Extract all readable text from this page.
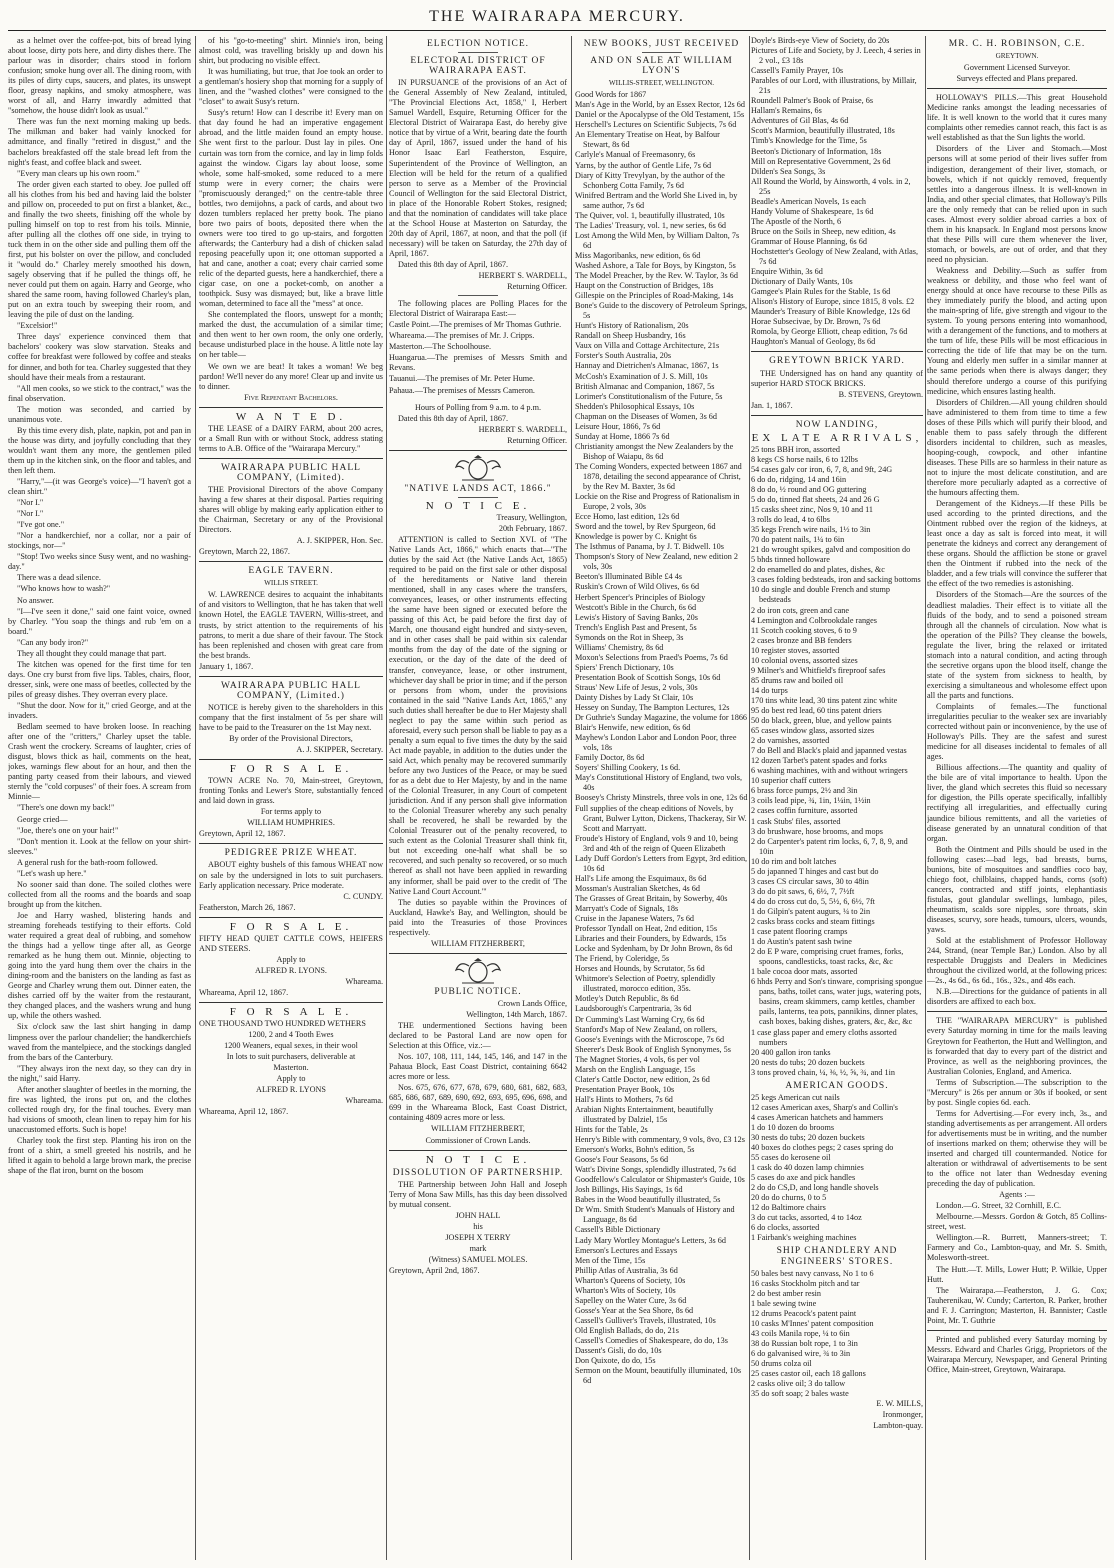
THE WAIRARAPA MERCURY.

as a helmet over the coffee-pot, bits of bread lying about loose, dirty pots here, and dirty dishes there. The parlour was in disorder; chairs stood in forlorn confusion; smoke hung over all. The dining room, with its piles of dirty cups, saucers, and plates, its unswept floor, greasy napkins, and smoky atmosphere, was worst of all, and Harry inwardly admitted that "somehow, the house didn't look as usual."

There was fun the next morning making up beds. The milkman and baker had vainly knocked for admittance, and finally "retired in disgust," and the bachelors breakfasted off the stale bread left from the night's feast, and coffee black and sweet.

"Every man clears up his own room."

The order given each started to obey. Joe pulled off all his clothes from his bed and having laid the bolster and pillow on, proceeded to put on first a blanket, &c., and finally the two sheets, finishing off the whole by pulling himself on top to rest from his toils. Minnie, after pulling all the clothes off one side, in trying to tuck them in on the other side and pulling them off the first, put his bolster on over the pillow, and concluded it "would do." Charley merely smoothed his down, sagely observing that if he pulled the things off, he never could put them on again. Harry and George, who shared the same room, having followed Charley's plan, put on an extra touch by sweeping their room, and leaving the pile of dust on the landing.

"Excelsior!"

Three days' experience convinced them that bachelors' cookery was slow starvation. Steaks and coffee for breakfast were followed by coffee and steaks for dinner, and both for tea. Charley suggested that they should have their meals from a restaurant.

"All men cooks, so we stick to the contract," was the final observation.

The motion was seconded, and carried by unanimous vote.

By this time every dish, plate, napkin, pot and pan in the house was dirty, and joyfully concluding that they wouldn't want them any more, the gentlemen piled them up in the kitchen sink, on the floor and tables, and then left them.

"Harry,"—(it was George's voice)—"I haven't got a clean shirt."

"Nor I."

"Nor I."

"I've got one."

"Nor a handkerchief, nor a collar, nor a pair of stockings, nor—"

"Stop! Two weeks since Susy went, and no washing-day."

There was a dead silence.

"Who knows how to wash?"

No answer.

"I—I've seen it done," said one faint voice, owned by Charley. "You soap the things and rub 'em on a board."

"Can any body iron?"

They all thought they could manage that part.

The kitchen was opened for the first time for ten days. One cry burst from five lips. Tables, chairs, floor, dresser, sink, were one mass of beetles, collected by the piles of greasy dishes. They overran every place.

"Shut the door. Now for it," cried George, and at the invaders.

Bedlam seemed to have broken loose. In reaching after one of the "critters," Charley upset the table. Crash went the crockery. Screams of laughter, cries of disgust, blows thick as hail, comments on the heat, jokes, warnings flew about for an hour, and then the panting party ceased from their labours, and viewed sternly the "cold corpuses" of their foes. A scream from Minnie—

"There's one down my back!"

George cried—

"Joe, there's one on your hair!"

"Don't mention it. Look at the fellow on your shirt-sleeves."

A general rush for the bath-room followed.

"Let's wash up here."

No sooner said than done. The soiled clothes were collected from all the rooms and the boards and soap brought up from the kitchen.

Joe and Harry washed, blistering hands and streaming foreheads testifying to their efforts. Cold water required a great deal of rubbing, and somehow the things had a yellow tinge after all, as George remarked as he hung them out. Minnie, objecting to going into the yard hung them over the chairs in the dining-room and the banisters on the landing as fast as George and Charley wrung them out. Dinner eaten, the dishes carried off by the waiter from the restaurant, they changed places, and the washers wrung and hung up, while the others washed.

Six o'clock saw the last shirt hanging in damp limpness over the parlour chandelier; the handkerchiefs waved from the mantelpiece, and the stockings dangled from the bars of the Canterbury.

"They always iron the next day, so they can dry in the night," said Harry.

After another slaughter of beetles in the morning, the fire was lighted, the irons put on, and the clothes collected rough dry, for the final touches. Every man had visions of smooth, clean linen to repay him for his unaccustomed efforts. Such is hope!

Charley took the first step. Planting his iron on the front of a shirt, a smell greeted his nostrils, and he lifted it again to behold a large brown mark, the precise shape of the flat iron, burnt on the bosom

of his "go-to-meeting" shirt. Minnie's iron, being almost cold, was travelling briskly up and down his shirt, but producing no visible effect.

It was humiliating, but true, that Joe took an order to a gentleman's hosiery shop that morning for a supply of linen, and the "washed clothes" were consigned to the "closet" to await Susy's return.

Susy's return! How can I describe it! Every man on that day found he had an imperative engagement abroad, and the little maiden found an empty house. She went first to the parlour. Dust lay in piles. One curtain was torn from the cornice, and lay in limp folds against the window. Cigars lay about loose, some whole, some half-smoked, some reduced to a mere stump were in every corner; the chairs were "promiscuously deranged;" on the centre-table three bottles, two demijohns, a pack of cards, and about two dozen tumblers replaced her pretty book. The piano bore two pairs of boots, deposited there when the owners were too tired to go up-stairs, and forgotten afterwards; the Canterbury had a dish of chicken salad reposing peacefully upon it; one ottoman supported a hat and cane, another a coat; every chair carried some relic of the departed guests, here a handkerchief, there a cigar case, on one a pocket-comb, on another a toothpick. Susy was dismayed; but, like a brave little woman, determined to face all the "mess" at once.

She contemplated the floors, unswept for a month; marked the dust, the accumulation of a similar time; and then went to her own room, the only one orderly, because undisturbed place in the house. A little note lay on her table—

We own we are beat! It takes a woman! We beg pardon! We'll never do any more! Clear up and invite us to dinner.

Five Repentant Bachelors.

W A N T E D.

THE LEASE of a DAIRY FARM, about 200 acres, or a Small Run with or without Stock, address stating terms to A.B. Office of the "Wairarapa Mercury."

WAIRARAPA PUBLIC HALL COMPANY, (Limited).

THE Provisional Directors of the above Company having a few shares at their disposal. Parties requiring shares will oblige by making early application either to the Chairman, Secretary or any of the Provisional Directors.

A. J. SKIPPER, Hon. Sec.

Greytown, March 22, 1867.

EAGLE TAVERN.
WILLIS STREET.

W. LAWRENCE desires to acquaint the inhabitants of and visitors to Wellington, that he has taken that well known Hotel, the EAGLE TAVERN, Willis-street, and trusts, by strict attention to the requirements of his patrons, to merit a due share of their favour. The Stock has been replenished and chosen with great care from the best brands.

January 1, 1867.

WAIRARAPA PUBLIC HALL COMPANY, (Limited.)

NOTICE is hereby given to the shareholders in this company that the first instalment of 5s per share will have to be paid to the Treasurer on the 1st May next.

By order of the Provisional Directors,

A. J. SKIPPER, Secretary.

F O R S A L E.

TOWN ACRE No. 70, Main-street, Greytown, fronting Tonks and Lewer's Store, substantially fenced and laid down in grass.

For terms apply to

WILLIAM HUMPHRIES.

Greytown, April 12, 1867.

PEDIGREE PRIZE WHEAT.

ABOUT eighty bushels of this famous WHEAT now on sale by the undersigned in lots to suit purchasers. Early application necessary. Price moderate.

C. CUNDY.

Featherston, March 26, 1867.

F O R S A L E.

FIFTY HEAD QUIET CATTLE COWS, HEIFERS AND STEERS.

Apply to

ALFRED R. LYONS.

Whareama.

Whareama, April 12, 1867.

F O R S A L E.

ONE THOUSAND TWO HUNDRED WETHERS

1200, 2 and 4 Tooth Ewes

1200 Weaners, equal sexes, in their wool

In lots to suit purchasers, deliverable at

Masterton.

Apply to

ALFRED R. LYONS

Whareama.

Whareama, April 12, 1867.

ELECTION NOTICE.
ELECTORAL DISTRICT OF WAIRARAPA EAST.

IN PURSUANCE of the provisions of an Act of the General Assembly of New Zealand, intituled, "The Provincial Elections Act, 1858," I, Herbert Samuel Wardell, Esquire, Returning Officer for the Electoral District of Wairarapa East, do hereby give notice that by virtue of a Writ, bearing date the fourth day of April, 1867, issued under the hand of his Honor Isaac Earl Featherston, Esquire, Superintendent of the Province of Wellington, an Election will be held for the return of a qualified person to serve as a Member of the Provincial Council of Wellington for the said Electoral District, in place of the Honorable Robert Stokes, resigned; and that the nomination of candidates will take place at the School House at Masterton on Saturday, the 20th day of April, 1867, at noon, and that the poll (if necessary) will be taken on Saturday, the 27th day of April, 1867.

Dated this 8th day of April, 1867.

HERBERT S. WARDELL,

Returning Officer.

The following places are Polling Places for the Electoral District of Wairarapa East:—

Castle Point.—The premises of Mr Thomas Guthrie.

Whareama.—The premises of Mr. J. Cripps.

Masterton.—The Schoolhouse.

Huangarua.—The premises of Messrs Smith and Revans.

Tauanui.—The premises of Mr. Peter Hume.

Pahaua.—The premises of Messrs Cameron.

Hours of Polling from 9 a.m. to 4 p.m.

Dated this 8th day of April, 1867.

HERBERT S. WARDELL,

Returning Officer.

"NATIVE LANDS ACT, 1866."
N O T I C E.

Treasury, Wellington,

20th February, 1867.

ATTENTION is called to Section XVI. of "The Native Lands Act, 1866," which enacts that—"The duties by the said Act (the Native Lands Act, 1865) required to be paid on the first sale or other disposal of the hereditaments or Native land therein mentioned, shall in any cases where the transfers, conveyances, leases, or other instruments effecting the same have been signed or executed before the passing of this Act, be paid before the first day of March, one thousand eight hundred and sixty-seven, and in other cases shall be paid within six calendar months from the day of the date of the signing or execution, or the day of the date of the deed of transfer, conveyance, lease, or other instrument, whichever day shall be prior in time; and if the person or persons from whom, under the provisions contained in the said "Native Lands Act, 1865," any such duties shall hereafter be due to Her Majesty shall neglect to pay the same within such period as aforesaid, every such person shall be liable to pay as a penalty a sum equal to five times the duty by the said Act made payable, in addition to the duties under the said Act, which penalty may be recovered summarily before any two Justices of the Peace, or may be sued for as a debt due to Her Majesty, by and in the name of the Colonial Treasurer, in any Court of competent jurisdiction. And if any person shall give information to the Colonial Treasurer whereby any such penalty shall be recovered, he shall be rewarded by the Colonial Treasurer out of the penalty recovered, to such extent as the Colonial Treasurer shall think fit, but not exceeding one-half what shall be so recovered, and such penalty so recovered, or so much thereof as shall not have been applied in rewarding any informer, shall be paid over to the credit of 'The Native Land Court Account.'"

The duties so payable within the Provinces of Auckland, Hawke's Bay, and Wellington, should be paid into the Treasuries of those Provinces respectively.

WILLIAM FITZHERBERT,

PUBLIC NOTICE.

Crown Lands Office,

Wellington, 14th March, 1867.

THE undermentioned Sections having been declared to be Pastoral Land are now open for Selection at this Office, viz.:—

Nos. 107, 108, 111, 144, 145, 146, and 147 in the Pahaua Block, East Coast District, containing 6642 acres more or less.

Nos. 675, 676, 677, 678, 679, 680, 681, 682, 683, 685, 686, 687, 689, 690, 692, 693, 695, 696, 698, and 699 in the Whareama Block, East Coast District, containing 4809 acres more or less.

WILLIAM FITZHERBERT,

Commissioner of Crown Lands.

N O T I C E.
DISSOLUTION OF PARTNERSHIP.

THE Partnership between John Hall and Joseph Terry of Mona Saw Mills, has this day been dissolved by mutual consent.

JOHN HALL

his

JOSEPH X TERRY

mark

(Witness) SAMUEL MOLES.

Greytown, April 2nd, 1867.

NEW BOOKS, JUST RECEIVED
AND ON SALE AT WILLIAM LYON'S
WILLIS-STREET, WELLINGTON.

Good Words for 1867

Man's Age in the World, by an Essex Rector, 12s 6d

Daniel or the Apocalypse of the Old Testament, 15s

Herschell's Lectures on Scientific Subjects, 7s 6d

An Elementary Treatise on Heat, by Balfour Stewart, 8s 6d

Carlyle's Manual of Freemasonry, 6s

Yarns, by the author of Gentle Life, 7s 6d

Diary of Kitty Trevylyan, by the author of the Schonberg Cotta Family, 7s 6d

Winifred Bertram and the World She Lived in, by same author, 7s 6d

The Quiver, vol. 1, beautifully illustrated, 10s

The Ladies' Treasury, vol. 1, new series, 6s 6d

Lost Among the Wild Men, by William Dalton, 7s 6d

Miss Magoribanks, new edition, 6s 6d

Washed Ashore, a Tale for Boys, by Kingston, 5s

The Model Preacher, by the Rev. W. Taylor, 3s 6d

Haupt on the Construction of Bridges, 18s

Gillespie on the Principles of Road-Making, 14s

Bone's Guide to the discovery of Petroleum Springs, 5s

Hunt's History of Rationalism, 20s

Randall on Sheep Husbandry, 16s

Vaux on Villa and Cottage Architecture, 21s

Forster's South Australia, 20s

Hannay and Dietrichen's Almanac, 1867, 1s

McCosh's Examination of J. S. Mill, 10s

British Almanac and Companion, 1867, 5s

Lorimer's Constitutionalism of the Future, 5s

Shedden's Philosophical Essays, 10s

Chapman on the Diseases of Women, 3s 6d

Leisure Hour, 1866, 7s 6d

Sunday at Home, 1866 7s 6d

Christianity amongst the New Zealanders by the Bishop of Waiapu, 8s 6d

The Coming Wonders, expected between 1867 and 1878, detailing the second appearance of Christ, by the Rev M. Baxter, 3s 6d

Lockie on the Rise and Progress of Rationalism in Europe, 2 vols, 30s

Ecce Homo, last edition, 12s 6d

Sword and the towel, by Rev Spurgeon, 6d

Knowledge is power by C. Knight 6s

The Isthmus of Panama, by J. T. Bidwell. 10s

Thompson's Story of New Zealand, new edition 2 vols, 30s

Beeton's Illuminated Bible £4 4s

Ruskin's Crown of Wild Olives, 6s 6d

Herbert Spencer's Principles of Biology

Westcott's Bible in the Church, 6s 6d

Lewis's History of Saving Banks, 20s

Trench's English Past and Present, 5s

Symonds on the Rot in Sheep, 3s

Williams' Chemistry, 8s 6d

Moxon's Selections from Praed's Poems, 7s 6d

Spiers' French Dictionary, 10s

Presentation Book of Scottish Songs, 10s 6d

Straus' New Life of Jesus, 2 vols, 30s

Dainty Dishes by Lady St Clair, 10s

Hessey on Sunday, The Bampton Lectures, 12s

Dr Guthrie's Sunday Magazine, the volume for 1866

Blair's Henwife, new edition, 6s 6d

Mayhew's London Labor and London Poor, three vols, 18s

Family Doctor, 8s 6d

Soyers' Shilling Cookery, 1s 6d.

May's Constitutional History of England, two vols, 40s

Boosey's Christy Minstrels, three vols in one, 12s 6d

Full supplies of the cheap editions of Novels, by Grant, Bulwer Lytton, Dickens, Thackeray, Sir W. Scott and Marryatt.

Froude's History of England, vols 9 and 10, being 3rd and 4th of the reign of Queen Elizabeth

Lady Duff Gordon's Letters from Egypt, 3rd edition, 10s 6d

Hall's Life among the Esquimaux, 8s 6d

Mossman's Australian Sketches, 4s 6d

The Grasses of Great Britain, by Sowerby, 40s

Marryatt's Code of Signals, 18s

Cruise in the Japanese Waters, 7s 6d

Professor Tyndall on Heat, 2nd edition, 15s

Libraries and their Founders, by Edwards, 15s

Locke and Sydenham, by Dr John Brown, 8s 6d

The Friend, by Coleridge, 5s

Horses and Hounds, by Scrutator, 5s 6d

Whitmore's Selection of Poetry, splendidly illustrated, morocco edition, 35s.

Motley's Dutch Republic, 8s 6d

Laudsborough's Carpentraria, 3s 6d

Dr Cumming's Last Warning Cry, 6s 6d

Stanford's Map of New Zealand, on rollers,

Goose's Evenings with the Microscope, 7s 6d

Sheerer's Desk Book of English Synonymes, 5s

The Magnet Stories, 4 vols, 6s per vol

Marsh on the English Language, 15s

Clater's Cattle Doctor, new edition, 2s 6d

Presentation Prayer Book, 10s

Hall's Hints to Mothers, 7s 6d

Arabian Nights Entertainment, beautifully illustrated by Dalziel, 15s

Hints for the Table, 2s

Henry's Bible with commentary, 9 vols, 8vo, £3 12s

Emerson's Works, Bohn's edition, 5s

Goose's Four Seasons, 5s 6d

Watt's Divine Songs, splendidly illustrated, 7s 6d

Goodfellow's Calculator or Shipmaster's Guide, 10s

Josh Billings, His Sayings, 1s 6d

Babes in the Wood beautifully illustrated, 5s

Dr Wm. Smith Student's Manuals of History and Language, 8s 6d

Cassell's Bible Dictionary

Lady Mary Wortley Montague's Letters, 3s 6d

Emerson's Lectures and Essays

Men of the Time, 15s

Phillip Atlas of Australia, 3s 6d

Wharton's Queens of Society, 10s

Wharton's Wits of Society, 10s

Sapelley on the Water Cure, 3s 6d

Gosse's Year at the Sea Shore, 8s 6d

Cassell's Gulliver's Travels, illustrated, 10s

Old English Ballads, do do, 21s

Cassell's Comedies of Shakespeare, do do, 13s

Dassent's Gisli, do do, 10s

Don Quixote, do do, 15s

Sermon on the Mount, beautifully illuminated, 10s 6d

Doyle's Birds-eye View of Society, do 20s

Pictures of Life and Society, by J. Leech, 4 series in 2 vol., £3 18s

Cassell's Family Prayer, 10s

Parables of our Lord, with illustrations, by Millair, 21s

Roundell Palmer's Book of Praise, 6s

Hallam's Remains, 6s

Adventures of Gil Blas, 4s 6d

Scott's Marmion, beautifully illustrated, 18s

Timb's Knowledge for the Time, 5s

Beeton's Dictionary of Information, 18s

Mill on Representative Government, 2s 6d

Dilden's Sea Songs, 3s

All Round the World, by Ainsworth, 4 vols. in 2, 25s

Beadle's American Novels, 1s each

Handy Volume of Shakespeare, 1s 6d

The Apostle of the North, 6

Bruce on the Soils in Sheep, new edition, 4s

Grammar of House Planning, 6s 6d

Hochstetter's Geology of New Zealand, with Atlas, 7s 6d

Enquire Within, 3s 6d

Dictionary of Daily Wants, 10s

Gamgee's Plain Rules for the Stable, 1s 6d

Alison's History of Europe, since 1815, 8 vols. £2

Maunder's Treasury of Bible Knowledge, 12s 6d

Horae Subsecivae, by Dr. Brown, 7s 6d

Romola, by George Elliott, cheap edition, 7s 6d

Haughton's Manual of Geology, 8s 6d

GREYTOWN BRICK YARD.

THE Undersigned has on hand any quantity of superior HARD STOCK BRICKS.

B. STEVENS, Greytown.

Jan. 1, 1867.

NOW LANDING,
EX LATE ARRIVALS,

25 tons BBH iron, assorted

8 kegs CS horse nails, 6 to 12lbs

54 cases galv cor iron, 6, 7, 8, and 9ft, 24G

6 do do, ridging, 14 and 16in

8 do do, ½ round and OG guttering

5 do do, tinned flat sheets, 24 and 26 G

15 casks sheet zinc, Nos 9, 10 and 11

3 rolls do lead, 4 to 6lbs

35 kegs French wire nails, 1½ to 3in

70 do patent nails, 1¼ to 6in

21 do wrought spikes, galvd and composition do

5 bhds tinned holloware

2 do enamelled do and plates, dishes, &c

3 cases folding bedsteads, iron and sacking bottoms

10 do single and double French and stump bedsteads

2 do iron cots, green and cane

4 Lemington and Colbrookdale ranges

11 Scotch cooking stoves, 6 to 9

2 cases bronze and BB fenders

10 register stoves, assorted

10 colonial ovens, assorted sizes

9 Milner's and Whitfield's fireproof safes

85 drums raw and boiled oil

14 do turps

170 tins white lead, 30 tins patent zinc white

95 do best red lead, 60 tins patent driers

50 do black, green, blue, and yellow paints

65 cases window glass, assorted sizes

2 do varnishes, assorted

7 do Bell and Black's plaid and japanned vestas

12 dozen Tarbet's patent spades and forks

6 washing machines, with and without wringers

10 superior chaff cutters

6 brass force pumps, 2½ and 3in

3 coils lead pipe, ¾, 1in, 1¼in, 1½in

2 cases coffin furniture, assorted

1 cask Stubs' files, assorted

3 do brushware, hose brooms, and mops

2 do Carpenter's patent rim locks, 6, 7, 8, 9, and 10in

10 do rim and bolt latches

5 do japanned T hinges and cast but do

3 cases CS circular saws, 30 to 48in

3 do do pit saws, 6, 6½, 7, 7½ft

4 do do cross cut do, 5, 5½, 6, 6½, 7ft

1 do Gilpin's patent augurs, ¼ to 2in

2 casks brass cocks and steam fittings

1 case patent flooring cramps

1 do Austin's patent sash twine

2 do E P ware, comprising cruet frames, forks, spoons, candlesticks, toast racks, &c, &c

1 bale cocoa door mats, assorted

6 hhds Perry and Son's tinware, comprising spongue pans, baths, toilet cans, water jugs, watering pots, basins, cream skimmers, camp kettles, chamber pails, lanterns, tea pots, pannikins, dinner plates, cash boxes, baking dishes, graters, &c, &c, &c

1 case glass paper and emery cloths assorted numbers

20 400 gallon iron tanks

20 nests do tubs; 20 dozen buckets

3 tons proved chain, ¼, ⅜, ½, ⅝, ¾, and 1in

AMERICAN GOODS.

25 kegs American cut nails

12 cases American axes, Sharp's and Collin's

4 cases American hatchets and hammers

1 do 10 dozen do brooms

30 nests do tubs; 20 dozen buckets

40 boxes do clothes pegs; 2 cases spring do

55 cases do kerosene oil

1 cask do 40 dozen lamp chimnies

5 cases do axe and pick handles

2 do do CS,D, and long handle shovels

20 do do churns, 0 to 5

12 do Baltimore chairs

3 do cut tacks, assorted, 4 to 14oz

6 do clocks, assorted

1 Fairbank's weighing machines

SHIP CHANDLERY AND ENGINEERS' STORES.

50 bales best navy canvass, No 1 to 6

16 casks Stockholm pitch and tar

2 do best amber resin

1 bale sewing twine

12 drums Peacock's patent paint

10 casks M'Innes' patent composition

43 coils Manila rope, ¼ to 6in

38 do Russian bolt rope, 1 to 3in

6 do galvanised wire, ¾ to 3in

50 drums colza oil

25 cases castor oil, each 18 gallons

2 casks olive oil; 3 do tallow

35 do soft soap; 2 bales waste

E. W. MILLS,

Ironmonger,

Lambton-quay.

MR. C. H. ROBINSON, C.E.
GREYTOWN.

Government Licensed Surveyor.

Surveys effected and Plans prepared.

HOLLOWAY'S PILLS.—This great Household Medicine ranks amongst the leading necessaries of life. It is well known to the world that it cures many complaints other remedies cannot reach, this fact is as well established as that the Sun lights the world.

Disorders of the Liver and Stomach.—Most persons will at some period of their lives suffer from indigestion, derangement of their liver, stomach, or bowels, which if not quickly removed, frequently settles into a dangerous illness. It is well-known in India, and other special climates, that Holloway's Pills are the only remedy that can be relied upon in such cases. Almost every soldier abroad carries a box of them in his knapsack. In England most persons know that these Pills will cure them whenever the liver, stomach, or bowels, are out of order, and that they need no physician.

Weakness and Debility.—Such as suffer from weakness or debility, and those who feel want of energy should at once have recourse to these Pills as they immediately purify the blood, and acting upon the main-spring of life, give strength and vigour to the system. To young persons entering into womanhood, with a derangement of the functions, and to mothers at the turn of life, these Pills will be most efficacious in correcting the tide of life that may be on the turn. Young and elderly men suffer in a similar manner at the same periods when there is always danger; they should therefore undergo a course of this purifying medicine, which ensures lasting health.

Disorders of Children.—All young children should have administered to them from time to time a few doses of these Pills which will purify their blood, and enable them to pass safely through the different disorders incidental to children, such as measles, hooping-cough, cowpock, and other infantine diseases. These Pills are so harmless in their nature as not to injure the most delicate constitution, and are therefore more peculiarly adapted as a corrective of the humours affecting them.

Derangement of the Kidneys.—If these Pills be used according to the printed directions, and the Ointment rubbed over the region of the kidneys, at least once a day as salt is forced into meat, it will penetrate the kidneys and correct any derangement of these organs. Should the affliction be stone or gravel then the Ointment if rubbed into the neck of the bladder, and a few trials will convince the sufferer that the effect of the two remedies is astonishing.

Disorders of the Stomach—Are the sources of the deadliest maladies. Their effect is to vitiate all the fluids of the body, and to send a poisoned stream through all the channels of circulation. Now what is the operation of the Pills? They cleanse the bowels, regulate the liver, bring the relaxed or irritated stomach into a natural condition, and acting through the secretive organs upon the blood itself, change the state of the system from sickness to health, by exercising a simultaneous and wholesome effect upon all the parts and functions.

Complaints of females.—The functional irregularities peculiar to the weaker sex are invariably corrected without pain or inconvenience, by the use of Holloway's Pills. They are the safest and surest medicine for all diseases incidental to females of all ages.

Billious affections.—The quantity and quality of the bile are of vital importance to health. Upon the liver, the gland which secretes this fluid so necessary for digestion, the Pills operate specifically, infallibly rectifying all irregularities, and effectually curing jaundice bilious remittents, and all the varieties of disease generated by an unnatural condition of that organ.

Both the Ointment and Pills should be used in the following cases:—bad legs, bad breasts, burns, bunions, bite of mosquitoes and sandflies coco bay, chiego foot, chilblains, chapped hands, corns (soft) cancers, contracted and stiff joints, elephantiasis fistulas, gout glandular swellings, lumbago, piles, rheumatism, scalds sore nipples, sore throats, skin diseases, scurvy, sore heads, tumours, ulcers, wounds, yaws.

Sold at the establishment of Professor Holloway 244, Strand, (near Temple Bar,) London. Also by all respectable Druggists and Dealers in Medicines throughout the civilized world, at the following prices:—2s., 4s 6d., 6s 6d., 16s., 32s., and 48s each.

N.B.—Directions for the guidance of patients in all disorders are affixed to each box.

THE "WAIRARAPA MERCURY" is published every Saturday morning in time for the mails leaving Greytown for Featherton, the Hutt and Wellington, and is forwarded that day to every part of the district and Province, as well as the neighboring provinces, the Australian Colonies, England, and America.

Terms of Subscription.—The subscription to the "Mercury" is 26s per annum or 30s if booked, or sent by post. Single copies 6d. each.

Terms for Advertising.—For every inch, 3s., and standing advertisements as per arrangement. All orders for advertisements must be in writing, and the number of insertions marked on them; otherwise they will be inserted and charged till countermanded. Notice for alteration or withdrawal of advertisements to be sent to the office not later than Wednesday evening preceding the day of publication.

Agents :—

London.—G. Street, 32 Cornhill, E.C.

Melbourne.—Messrs. Gordon & Gotch, 85 Collins-street, west.

Wellington.—R. Burrett, Manners-street; T. Farmery and Co., Lambton-quay, and Mr. S. Smith, Molesworth-street.

The Hutt.—T. Mills, Lower Hutt; P. Wilkie, Upper Hutt.

The Wairarapa.—Featherston, J. G. Cox; Tauherenikau, W. Cundy; Carterton, R. Parker, brother and F. J. Carrington; Masterton, H. Bannister; Castle Point, Mr. T. Guthrie

Printed and published every Saturday morning by Messrs. Edward and Charles Grigg, Proprietors of the Wairarapa Mercury, Newspaper, and General Printing Office, Main-street, Greytown, Wairarapa.
